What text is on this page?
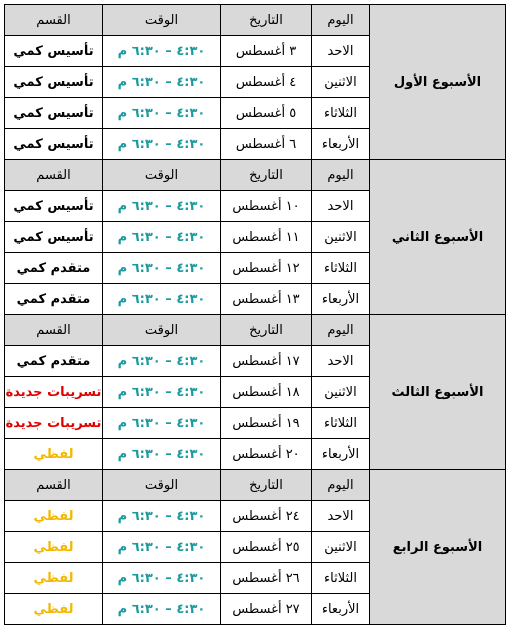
الأسبوع الأول	اليوم	التاريخ	الوقت	القسم
	الاحد	٣ أغسطس	٤:٣٠ – ٦:٣٠ م	تأسيس كمي
	الاثنين	٤ أغسطس	٤:٣٠ – ٦:٣٠ م	تأسيس كمي
	الثلاثاء	٥ أغسطس	٤:٣٠ – ٦:٣٠ م	تأسيس كمي
	الأربعاء	٦ أغسطس	٤:٣٠ – ٦:٣٠ م	تأسيس كمي
الأسبوع الثاني	اليوم	التاريخ	الوقت	القسم
	الاحد	١٠ أغسطس	٤:٣٠ – ٦:٣٠ م	تأسيس كمي
	الاثنين	١١ أغسطس	٤:٣٠ – ٦:٣٠ م	تأسيس كمي
	الثلاثاء	١٢ أغسطس	٤:٣٠ – ٦:٣٠ م	متقدم كمي
	الأربعاء	١٣ أغسطس	٤:٣٠ – ٦:٣٠ م	متقدم كمي
الأسبوع الثالث	اليوم	التاريخ	الوقت	القسم
	الاحد	١٧ أغسطس	٤:٣٠ – ٦:٣٠ م	متقدم كمي
	الاثنين	١٨ أغسطس	٤:٣٠ – ٦:٣٠ م	تسريبات جديدة
	الثلاثاء	١٩ أغسطس	٤:٣٠ – ٦:٣٠ م	تسريبات جديدة
	الأربعاء	٢٠ أغسطس	٤:٣٠ – ٦:٣٠ م	لفظي
الأسبوع الرابع	اليوم	التاريخ	الوقت	القسم
	الاحد	٢٤ أغسطس	٤:٣٠ – ٦:٣٠ م	لفظي
	الاثنين	٢٥ أغسطس	٤:٣٠ – ٦:٣٠ م	لفظي
	الثلاثاء	٢٦ أغسطس	٤:٣٠ – ٦:٣٠ م	لفظي
	الأربعاء	٢٧ أغسطس	٤:٣٠ – ٦:٣٠ م	لفظي
